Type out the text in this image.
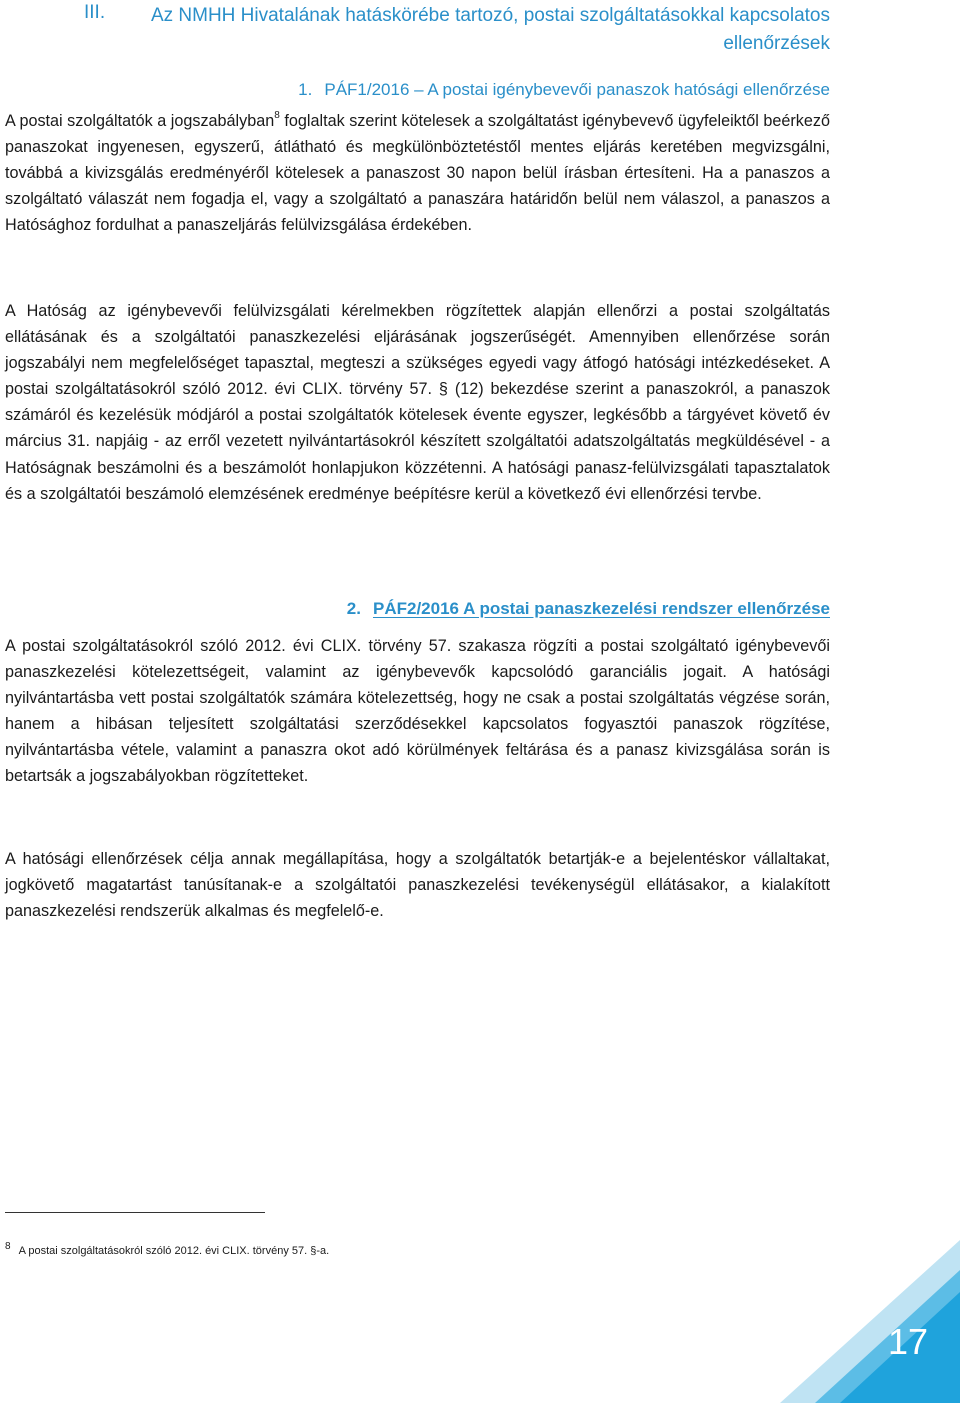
III. Az NMHH Hivatalának hatáskörébe tartozó, postai szolgáltatásokkal kapcsolatos ellenőrzések
1. PÁF1/2016 – A postai igénybevevői panaszok hatósági ellenőrzése

A postai szolgáltatók a jogszabályban$^8$ foglaltak szerint kötelesek a szolgáltatást igénybevevő ügyfeleiktől beérkező panaszokat ingyenesen, egyszerű, átlátható és megkülönböztetéstől mentes eljárás keretében megvizsgálni, továbbá a kivizsgálás eredményéről kötelesek a panaszost 30 napon belül írásban értesíteni. Ha a panaszos a szolgáltató válaszát nem fogadja el, vagy a szolgáltató a panaszára határidőn belül nem válaszol, a panaszos a Hatósághoz fordulhat a panaszeljárás felülvizsgálása érdekében.

A Hatóság az igénybevevői felülvizsgálati kérelmekben rögzítettek alapján ellenőrzi a postai szolgáltatás ellátásának és a szolgáltatói panaszkezelési eljárásának jogszerűségét. Amennyiben ellenőrzése során jogszabályi nem megfelelőséget tapasztal, megteszi a szükséges egyedi vagy átfogó hatósági intézkedéseket. A postai szolgáltatásokról szóló 2012. évi CLIX. törvény 57. § (12) bekezdése szerint a panaszokról, a panaszok számáról és kezelésük módjáról a postai szolgáltatók kötelesek évente egyszer, legkésőbb a tárgyévet követő év március 31. napjáig - az erről vezetett nyilvántartásokról készített szolgáltatói adatszolgáltatás megküldésével - a Hatóságnak beszámolni és a beszámolót honlapjukon közzétenni. A hatósági panasz-felülvizsgálati tapasztalatok és a szolgáltatói beszámoló elemzésének eredménye beépítésre kerül a következő évi ellenőrzési tervbe.

2. PÁF2/2016 A postai panaszkezelési rendszer ellenőrzése

A postai szolgáltatásokról szóló 2012. évi CLIX. törvény 57. szakasza rögzíti a postai szolgáltató igénybevevői panaszkezelési kötelezettségeit, valamint az igénybevevők kapcsolódó garanciális jogait. A hatósági nyilvántartásba vett postai szolgáltatók számára kötelezettség, hogy ne csak a postai szolgáltatás végzése során, hanem a hibásan teljesített szolgáltatási szerződésekkel kapcsolatos fogyasztói panaszok rögzítése, nyilvántartásba vétele, valamint a panaszra okot adó körülmények feltárása és a panasz kivizsgálása során is betartsák a jogszabályokban rögzítetteket.

A hatósági ellenőrzések célja annak megállapítása, hogy a szolgáltatók betartják-e a bejelentéskor vállaltakat, jogkövető magatartást tanúsítanak-e a szolgáltatói panaszkezelési tevékenységül ellátásakor, a kialakított panaszkezelési rendszerük alkalmas és megfelelő-e.

8 A postai szolgáltatásokról szóló 2012. évi CLIX. törvény 57. §-a.
17
